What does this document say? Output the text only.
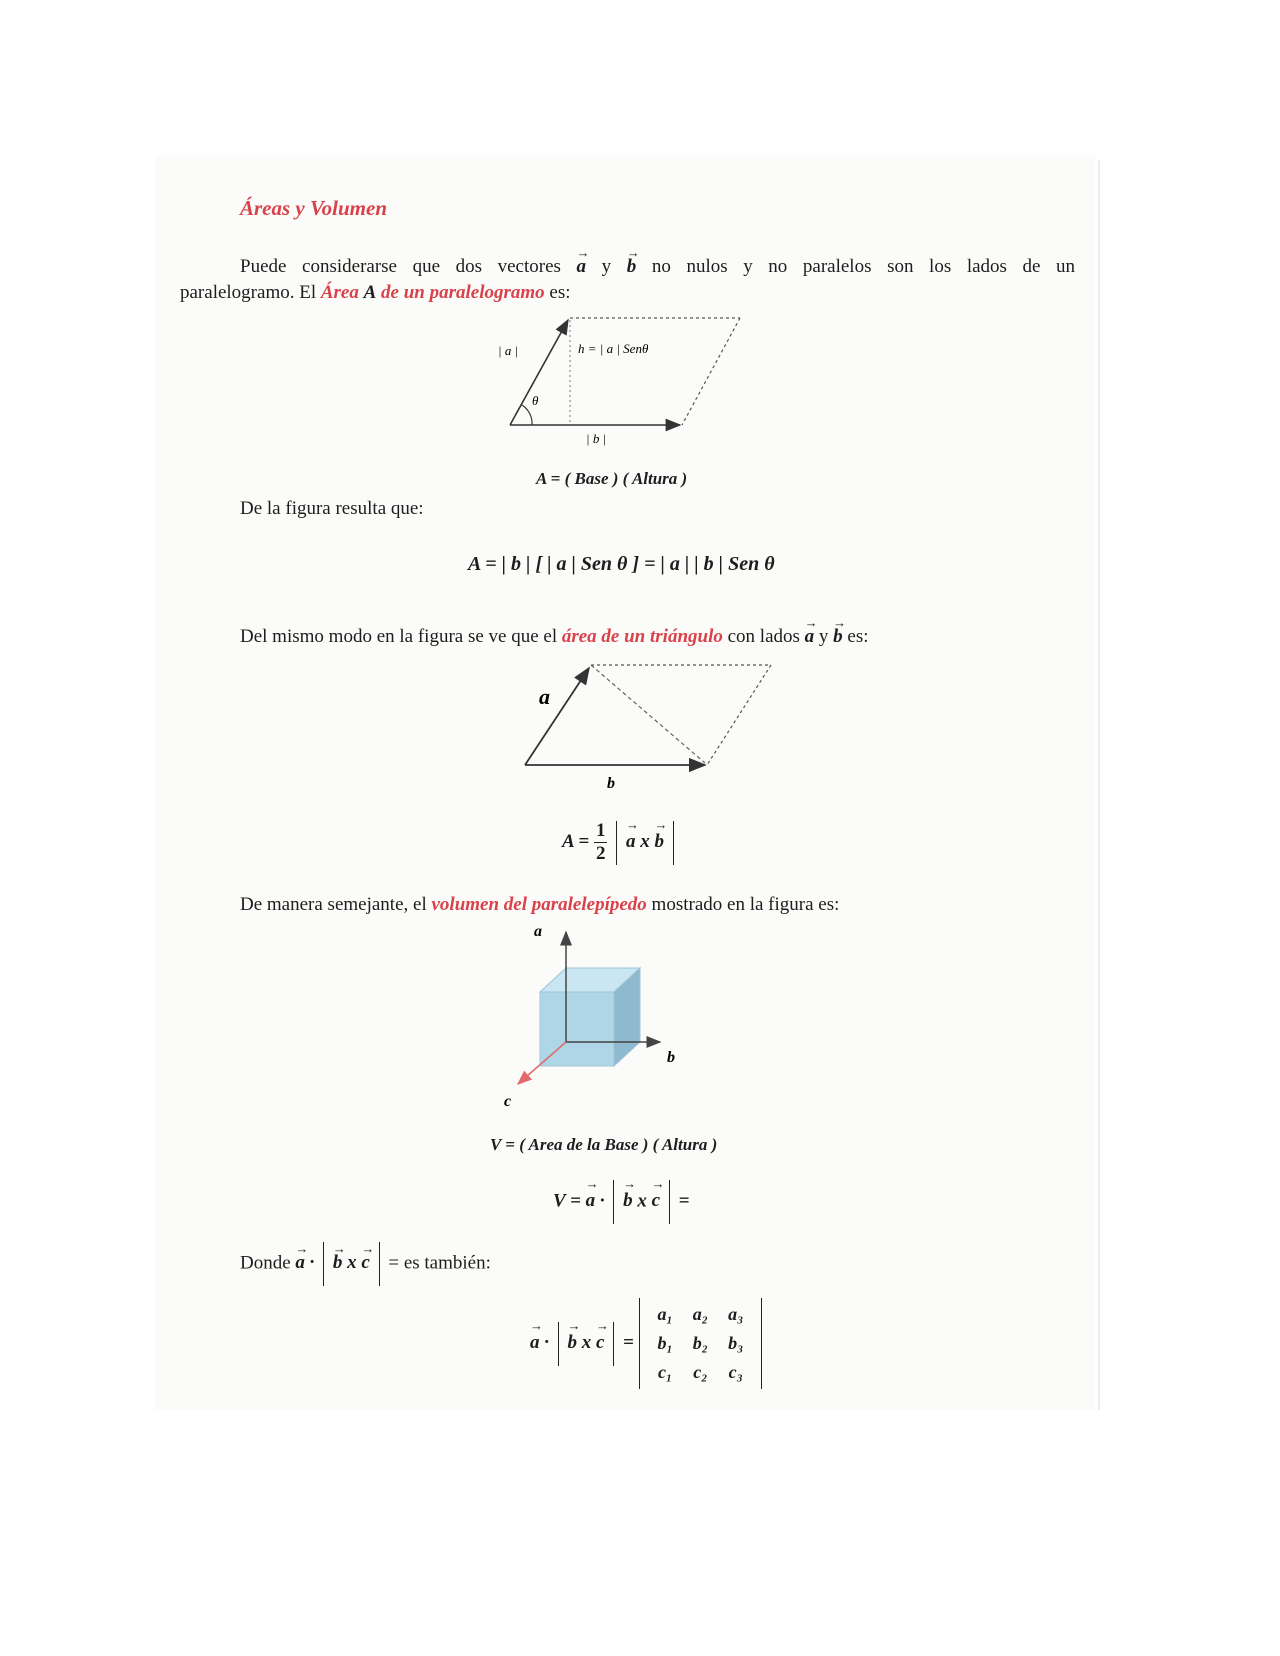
Áreas y Volumen
Puede considerarse que dos vectores
→
a y
→
b no nulos y no paralelos son los lados de un
paralelogramo. El Área A de un paralelogramo es:
| a |	h = | a | Senθ
θ
| b |
A = ( Base ) ( Altura )
De la figura resulta que:
A = | b | [ | a | Sen θ ] = | a | | b | Sen θ
Del mismo modo en la figura se ve que el área de un triángulo con lados
→
a y
→
b es:
a
b
$A = \frac{1}{2}$
→
a x
→
b
De manera semejante, el volumen del paralelepípedo mostrado en la figura es:
a
b
c
V = ( Area de la Base ) ( Altura )
V =
→
a ·
→
b x
→
c =
Donde
→
a ·
→
b x
→
c = es también:
→
a ·
→
b x
→
c =
a₁	a₂	a₃
b₁	b₂	b₃
c₁	c₂	c₃
